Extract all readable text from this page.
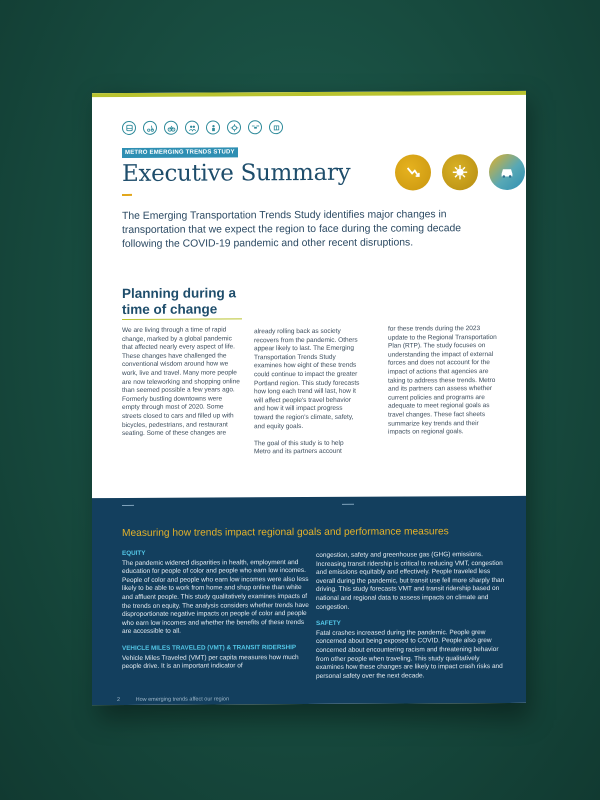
METRO EMERGING TRENDS STUDY
Executive Summary

The Emerging Transportation Trends Study identifies major changes in transportation that we expect the region to face during the coming decade following the COVID-19 pandemic and other recent disruptions.

Planning during a time of change

We are living through a time of rapid change, marked by a global pandemic that affected nearly every aspect of life. These changes have challenged the conventional wisdom around how we work, live and travel. Many more people are now teleworking and shopping online than seemed possible a few years ago. Formerly bustling downtowns were empty through most of 2020. Some streets closed to cars and filled up with bicycles, pedestrians, and restaurant seating. Some of these changes are

already rolling back as society recovers from the pandemic. Others appear likely to last. The Emerging Transportation Trends Study examines how eight of these trends could continue to impact the greater Portland region. This study forecasts how long each trend will last, how it will affect people's travel behavior and how it will impact progress toward the region's climate, safety, and equity goals.

The goal of this study is to help Metro and its partners account

for these trends during the 2023 update to the Regional Transportation Plan (RTP). The study focuses on understanding the impact of external forces and does not account for the impact of actions that agencies are taking to address these trends. Metro and its partners can assess whether current policies and programs are adequate to meet regional goals as travel changes. These fact sheets summarize key trends and their impacts on regional goals.

Measuring how trends impact regional goals and performance measures
EQUITY

The pandemic widened disparities in health, employment and education for people of color and people who earn low incomes. People of color and people who earn low incomes were also less likely to be able to work from home and shop online than white and affluent people. This study qualitatively examines impacts of the trends on equity. The analysis considers whether trends have disproportionate negative impacts on people of color and people who earn low incomes and whether the benefits of these trends are accessible to all.

VEHICLE MILES TRAVELED (VMT) & TRANSIT RIDERSHIP

Vehicle Miles Traveled (VMT) per capita measures how much people drive. It is an important indicator of

congestion, safety and greenhouse gas (GHG) emissions. Increasing transit ridership is critical to reducing VMT, congestion and emissions equitably and effectively. People traveled less overall during the pandemic, but transit use fell more sharply than driving. This study forecasts VMT and transit ridership based on national and regional data to assess impacts on climate and congestion.

SAFETY

Fatal crashes increased during the pandemic. People grew concerned about being exposed to COVID. People also grew concerned about encountering racism and threatening behavior from other people when traveling. This study qualitatively examines how these changes are likely to impact crash risks and personal safety over the next decade.

2	How emerging trends affect our region
